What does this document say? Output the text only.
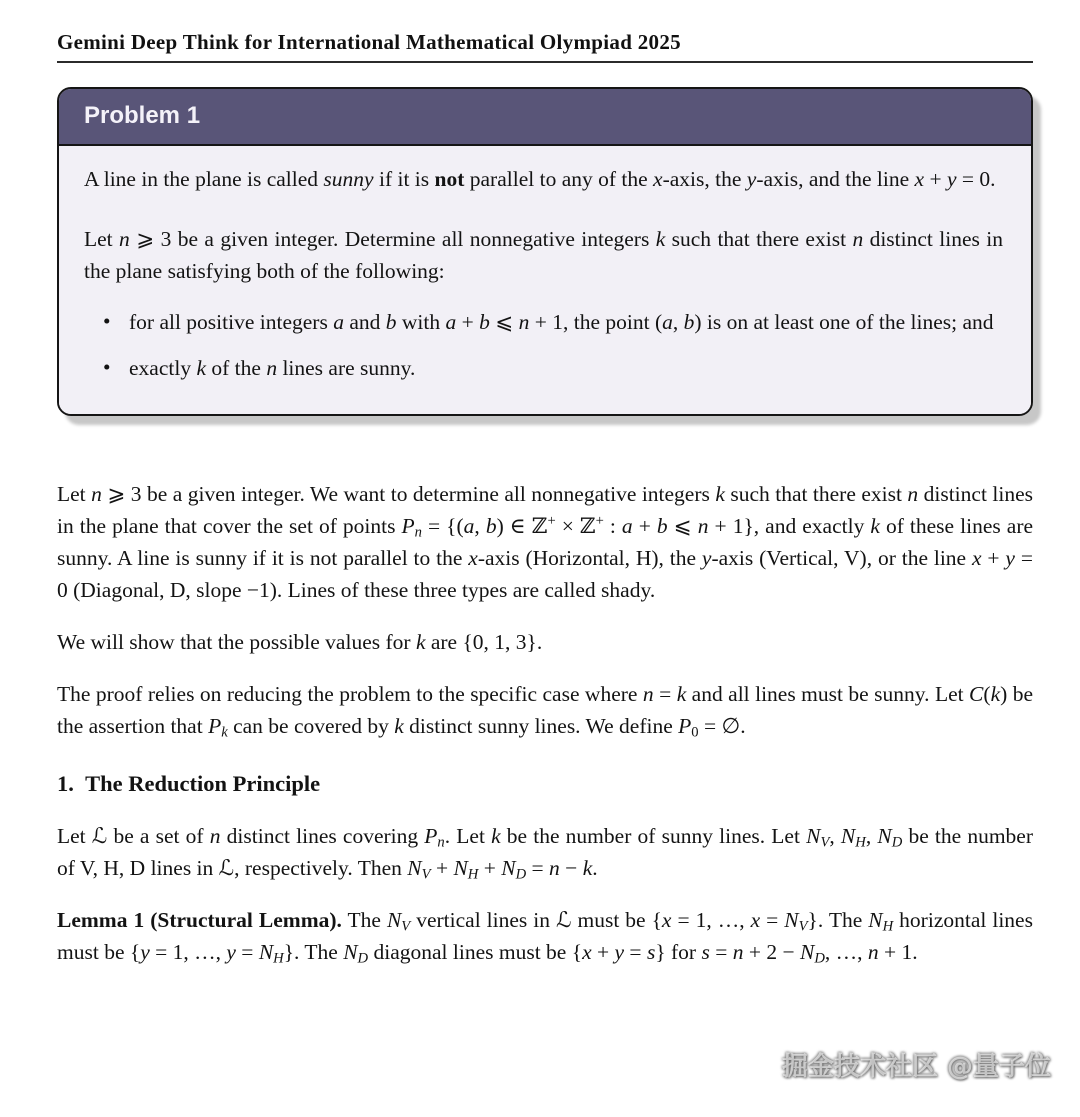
Gemini Deep Think for International Mathematical Olympiad 2025
Problem 1

A line in the plane is called sunny if it is not parallel to any of the x-axis, the y-axis, and the line x + y = 0.

Let n ⩾ 3 be a given integer. Determine all nonnegative integers k such that there exist n distinct lines in the plane satisfying both of the following:

• for all positive integers a and b with a + b ⩽ n + 1, the point (a, b) is on at least one of the lines; and
• exactly k of the n lines are sunny.

Let n ⩾ 3 be a given integer. We want to determine all nonnegative integers k such that there exist n distinct lines in the plane that cover the set of points $P_n = \{(a$, b) ∈ ℤ+ × ℤ+ : a + b ⩽ n + 1}, and exactly k of these lines are sunny. A line is sunny if it is not parallel to the x-axis (Horizontal, H), the y-axis (Vertical, V), or the line x + y = 0 (Diagonal, D, slope −1). Lines of these three types are called shady.

We will show that the possible values for k are {0, 1, 3}.

The proof relies on reducing the problem to the specific case where n = k and all lines must be sunny. Let C(k) be the assertion that $P_k$ can be covered by k distinct sunny lines. We define $P_0$ = ∅.

1. The Reduction Principle

Let ℒ be a set of n distinct lines covering $P_n$. Let k be the number of sunny lines. Let $N_V$, $N_H$, $N_D$ be the number of V, H, D lines in ℒ, respectively. Then $N_V + N_H + N_D = n - k$.

Lemma 1 (Structural Lemma). The $N_V$ vertical lines in ℒ must be {x = 1, …, $x = N_V$}. The $N_H$ horizontal lines must be {y = 1, …, $y = N_H$}. The $N_D$ diagonal lines must be {x + y = s} for $s = n + 2 - N_D$, …, n + 1.

掘金技术社区 @量子位
